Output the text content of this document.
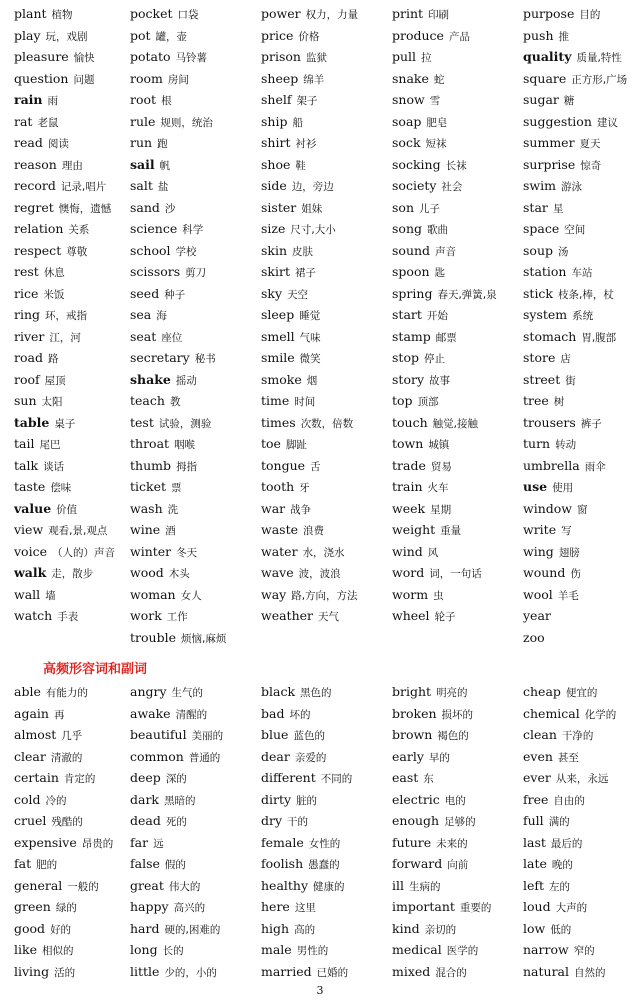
plant 植物
play 玩，戏剧
pleasure 愉快
question 问题
rain 雨
rat 老鼠
read 阅读
reason 理由
record 记录,唱片
regret 懊悔，遗憾
relation 关系
respect 尊敬
rest 休息
rice 米饭
ring 环，戒指
river 江，河
road 路
roof 屋顶
sun 太阳
table 桌子
tail 尾巴
talk 谈话
taste 偿味
value 价值
view 观看,景,观点
voice （人的）声音
walk 走，散步
wall 墙
watch 手表
pocket 口袋
pot 罐，壶
potato 马铃薯
room 房间
root 根
rule 规则，统治
run 跑
sail 帆
salt 盐
sand 沙
science 科学
school 学校
scissors 剪刀
seed 种子
sea 海
seat 座位
secretary 秘书
shake 摇动
teach 教
test 试验，测验
throat 咽喉
thumb 拇指
ticket 票
wash 洗
wine 酒
winter 冬天
wood 木头
woman 女人
work 工作
trouble 烦恼,麻烦
power 权力，力量
price 价格
prison 监狱
sheep 绵羊
shelf 架子
ship 船
shirt 衬衫
shoe 鞋
side 边，旁边
sister 姐妹
size 尺寸,大小
skin 皮肤
skirt 裙子
sky 天空
sleep 睡觉
smell 气味
smile 微笑
smoke 烟
time 时间
times 次数，倍数
toe 脚趾
tongue 舌
tooth 牙
war 战争
waste 浪费
water 水，浇水
wave 波，波浪
way 路,方向，方法
weather 天气
print 印刷
produce 产品
pull 拉
snake 蛇
snow 雪
soap 肥皂
sock 短袜
socking 长袜
society 社会
son 儿子
song 歌曲
sound 声音
spoon 匙
spring 春天,弹簧,泉
start 开始
stamp 邮票
stop 停止
story 故事
top 顶部
touch 触觉,接触
town 城镇
trade 贸易
train 火车
week 星期
weight 重量
wind 风
word 词，一句话
worm 虫
wheel 轮子
purpose 目的
push 推
quality 质量,特性
square 正方形,广场
sugar 糖
suggestion 建议
summer 夏天
surprise 惊奇
swim 游泳
star 星
space 空间
soup 汤
station 车站
stick 枝条,棒，杖
system 系统
stomach 胃,腹部
store 店
street 街
tree 树
trousers 裤子
turn 转动
umbrella 雨伞
use 使用
window 窗
write 写
wing 翅膀
wound 伤
wool 羊毛
year
zoo
高频形容词和副词
able 有能力的
again 再
almost 几乎
clear 清澈的
certain 肯定的
cold 冷的
cruel 残酷的
expensive 昂贵的
fat 肥的
general 一般的
green 绿的
good 好的
like 相似的
living 活的
angry 生气的
awake 清醒的
beautiful 美丽的
common 普通的
deep 深的
dark 黑暗的
dead 死的
far 远
false 假的
great 伟大的
happy 高兴的
hard 硬的,困难的
long 长的
little 少的，小的
black 黑色的
bad 坏的
blue 蓝色的
dear 亲爱的
different 不同的
dirty 脏的
dry 干的
female 女性的
foolish 愚蠢的
healthy 健康的
here 这里
high 高的
male 男性的
married 已婚的
bright 明亮的
broken 损坏的
brown 褐色的
early 早的
east 东
electric 电的
enough 足够的
future 未来的
forward 向前
ill 生病的
important 重要的
kind 亲切的
medical 医学的
mixed 混合的
cheap 便宜的
chemical 化学的
clean 干净的
even 甚至
ever 从来，永远
free 自由的
full 满的
last 最后的
late 晚的
left 左的
loud 大声的
low 低的
narrow 窄的
natural 自然的
3
